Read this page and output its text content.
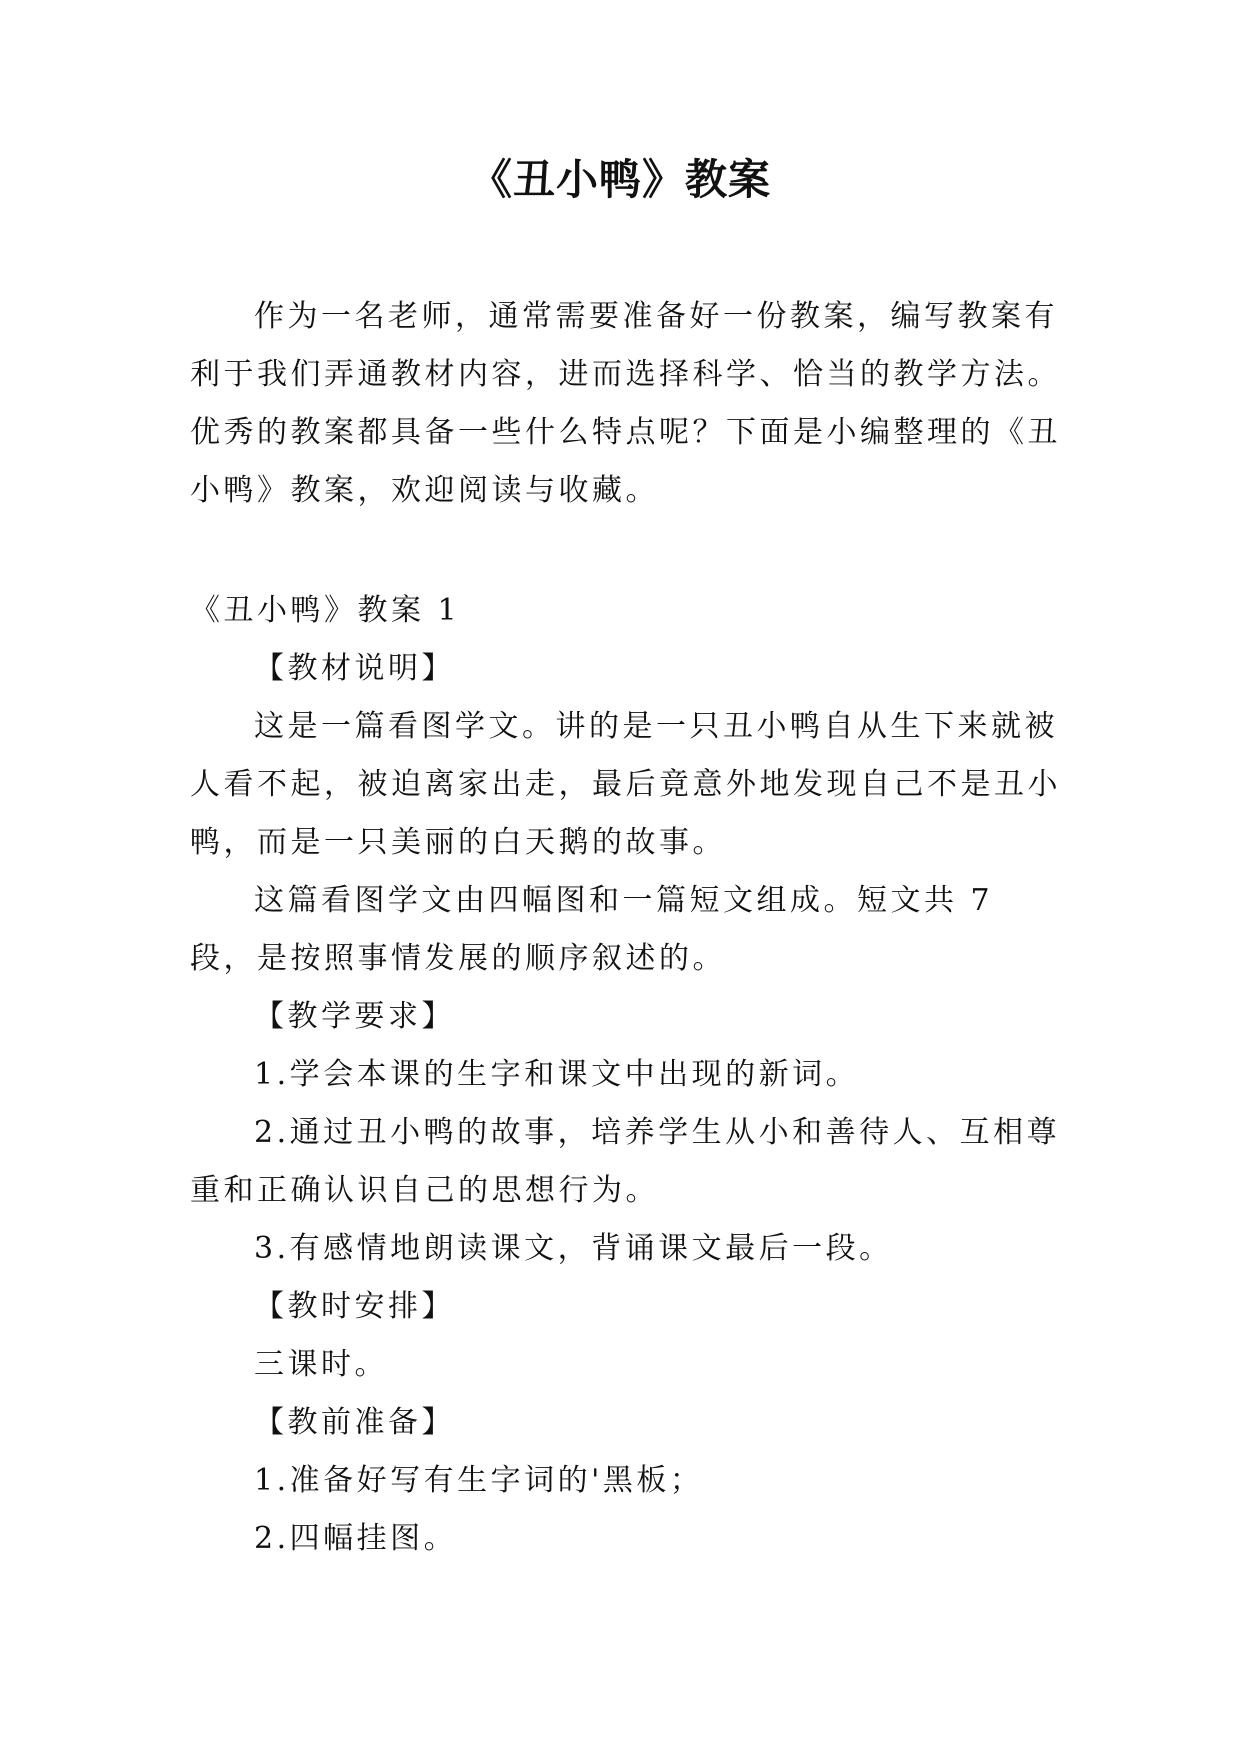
《丑小鸭》教案

作为一名老师，通常需要准备好一份教案，编写教案有利于我们弄通教材内容，进而选择科学、恰当的教学方法。优秀的教案都具备一些什么特点呢？下面是小编整理的《丑小鸭》教案，欢迎阅读与收藏。

《丑小鸭》教案 1

【教材说明】

这是一篇看图学文。讲的是一只丑小鸭自从生下来就被人看不起，被迫离家出走，最后竟意外地发现自己不是丑小鸭，而是一只美丽的白天鹅的故事。

这篇看图学文由四幅图和一篇短文组成。短文共 7 段，是按照事情发展的顺序叙述的。

【教学要求】

1.学会本课的生字和课文中出现的新词。

2.通过丑小鸭的故事，培养学生从小和善待人、互相尊重和正确认识自己的思想行为。

3.有感情地朗读课文，背诵课文最后一段。

【教时安排】

三课时。

【教前准备】

1.准备好写有生字词的'黑板；

2.四幅挂图。
